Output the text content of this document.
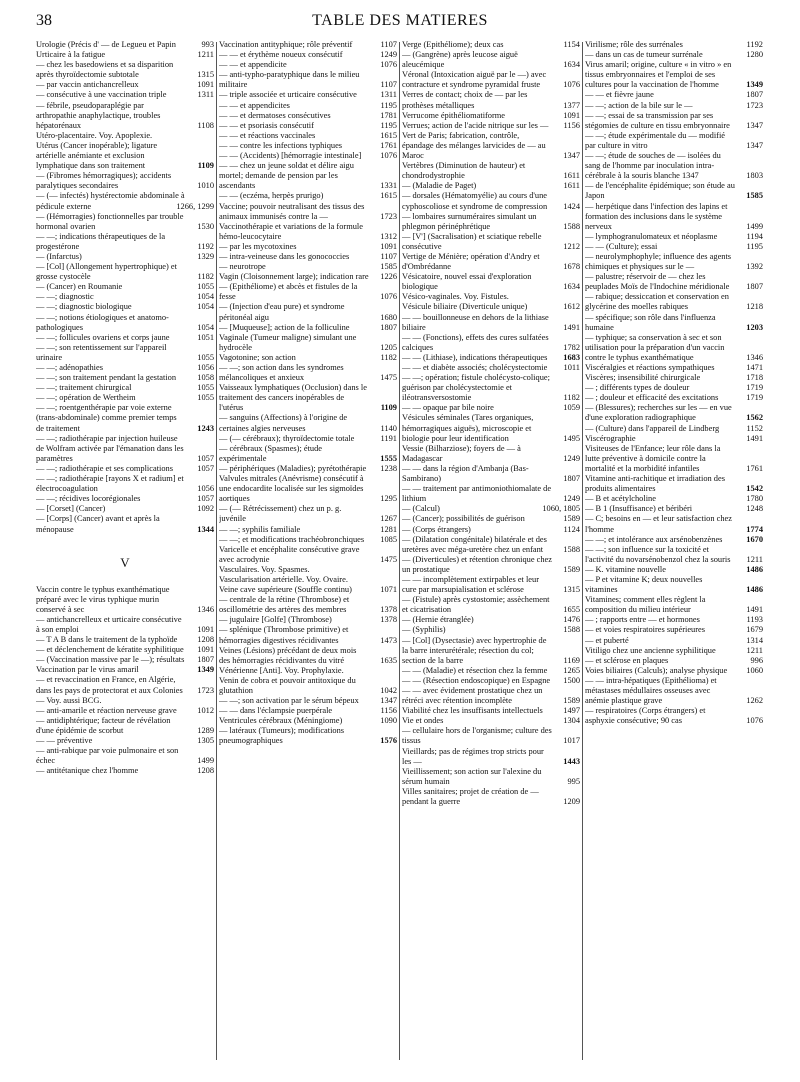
38	TABLE DES MATIERES
Urologie (Précis d' — de Legueu et Papin	993
Urticaire à la fatigue	1211
— chez les basedowiens et sa disparition après thyroïdectomie subtotale	1315
— par vaccin antichancrelleux	1091
— consécutive à une vaccination triple	1311
— fébrile, pseudoparaplégie par arthropathie anaphylactique, troubles hépatorénaux	1108
Utéro-placentaire. Voy. Apoplexie.
Utérus (Cancer inopérable); ligature artérielle anémiante et exclusion lymphatique dans son traitement	1109
— (Fibromes hémorragiques); accidents paralytiques secondaires	1010
— (— infectés) hystérectomie abdominale à pédicule externe	1266, 1299
— (Hémorragies) fonctionnelles par trouble hormonal ovarien	1530
— —; indications thérapeutiques de la progestérone	1192
— (Infarctus)	1329
— [Col] (Allongement hypertrophique) et grosse cystocèle	1182
— (Cancer) en Roumanie	1055
— —; diagnostic	1054
— —; diagnostic biologique	1054
— —; notions étiologiques et anatomo-pathologiques	1054
— —; follicules ovariens et corps jaune	1051
— —; son retentissement sur l'appareil urinaire	1055
— —; adénopathies	1056
— —; son traitement pendant la gestation	1058
— —; traitement chirurgical	1055
— —; opération de Wertheim	1055
— —; roentgenthérapie par voie externe (trans-abdominale) comme premier temps de traitement	1243
— —; radiothérapie par injection huileuse de Wolfram activée par l'émanation dans les paramètres	1057
— —; radiothérapie et ses complications	1057
— —; radiothérapie [rayons X et radium] et électrocoagulation	1056
— —; récidives locorégionales	1057
— [Corset] (Cancer)	1092
— [Corps] (Cancer) avant et après la ménopause	1344
V
Vaccin contre le typhus exanthématique préparé avec le virus typhique murin conservé à sec	1346
— antichancrelleux et urticaire consécutive à son emploi	1091
— T A B dans le traitement de la typhoïde	1208
— et déclenchement de kératite syphilitique 1091
— (Vaccination massive par le —); résultats 1807
Vaccination par le virus amaril	1349
— et revaccination en France, en Algérie, dans les pays de protectorat et aux Colonies	1723
— Voy. aussi BCG.
— anti-amarile et réaction nerveuse grave	1012
— antidiphtérique; facteur de révélation d'une épidémie de scorbut	1289
— — préventive	1305
— anti-rabique par voie pulmonaire et son échec	1499
— antitétanique chez l'homme	1208
Vaccination antityphique; rôle préventif	1107
— — et érythème noueux consécutif	1249
— — et appendicite	1076
— anti-typho-paratyphique dans le milieu militaire	1107
— triple associée et urticaire consécutive	1311
— — et appendicites	1195
— — et dermatoses consécutives	1781
— — et psoriasis consécutif	1195
— — et réactions vaccinales	1615
— — contre les infections typhiques	1761
— — (Accidents) [hémorragie intestinale]	1076
— — chez un jeune soldat et délire aigu mortel; demande de pension par les ascendants	1331
— — (eczéma, herpès prurigo)	1615
Vaccine; pouvoir neutralisant des tissus des animaux immunisés contre la —	1723
Vaccinothérapie et variations de la formule hémo-leucocytaire	1312
— par les mycotoxines	1091
— intra-veineuse dans les gonococcies	1107
— neurotrope	1585
Vagin (Cloisonnement large); indication rare 1226
— (Epithéliome) et abcès et fistules de la fesse	1076
— (Injection d'eau pure) et syndrome péritonéal aigu	1680
— [Muqueuse]; action de la folliculine	1807
Vaginale (Tumeur maligne) simulant une hydrocèle	1205
Vagotonine; son action	1182
— —; son action dans les syndromes mélancoliques et anxieux	1475
Vaisseaux lymphatiques (Occlusion) dans le traitement des cancers inopérables de l'utérus	1109
— sanguins (Affections) à l'origine de certaines algies nerveuses	1140
— (— cérébraux); thyroïdectomie totale	1191
— cérébraux (Spasmes); étude expérimentale	1555
— périphériques (Maladies); pyrétothérapie	1238
Valvules mitrales (Anévrisme) consécutif à une endocardite localisée sur les sigmoïdes aortiques	1295
— (— Rétrécissement) chez un p. g. juvénile	1267
— —; syphilis familiale	1281
— —; et modifications trachéobronchiques	1085
Varicelle et encéphalite consécutive grave avec acrodynie	1475
Vasculaires. Voy. Spasmes.
Vascularisation artérielle. Voy. Ovaire.
Veine cave supérieure (Souffle continu)	1071
— centrale de la rétine (Thrombose) et oscillométrie des artères des membres	1378
— jugulaire [Golfe] (Thrombose)	1378
— splénique (Thrombose primitive) et hémorragies digestives récidivantes	1473
Veines (Lésions) précédant de deux mois des hémorragies récidivantes du vitré	1635
Vénérienne [Anti]. Voy. Prophylaxie.
Venin de cobra et pouvoir antitoxique du glutathion	1042
— —; son activation par le sérum bépeux	1347
— — dans l'éclampsie puerpérale	1156
Ventricules cérébraux (Méningiome)	1090
— latéraux (Tumeurs); modifications pneumographiques	1576
Verge (Epithéliome); deux cas	1154
— (Gangrène) après leucose aiguë aleucémique	1634
Véronal (Intoxication aiguë par le —) avec contracture et syndrome pyramidal fruste	1076
Verres de contact; choix de — par les prothèses métalliques	1377
Verrucome épithéliomatiforme	1091
Verrues; action de l'acide nitrique sur les —	1156
Vert de Paris; fabrication, contrôle, épandage des mélanges larvicides de — au Maroc	1347
Vertèbres (Diminution de hauteur) et chondrodystrophie	1611
— (Maladie de Paget)	1611
— dorsales (Hématomyélie) au cours d'une cyphoscoliose et syndrome de compression	1424
— lombaires surnuméraires simulant un phlegmon périnéphrétique	1588
— [V'] (Sacralisation) et sciatique rebelle consécutive	1212
Vertige de Ménière; opération d'Andry et d'Ombrédanne	1678
Vésicatoire, nouvel essai d'exploration biologique	1634
Vésico-vaginales. Voy. Fistules.
Vésicule biliaire (Diverticule unique)	1612
— — bouillonneuse en dehors de la lithiase biliaire	1491
— — (Fonctions), effets des cures sulfatées calciques	1782
— — (Lithiase), indications thérapeutiques	1683
— — et diabète associés; cholécystectomie	1011
— —; opération; fistule cholécysto-colique; guérison par cholécystectomie et iléotransversostomie	1182
— — opaque par bile noire	1059
Vésicules séminales (Tares organiques, hémorragiques aiguës), microscopie et biologie pour leur identification	1495
Vessie (Bilharziose); foyers de — à Madagascar	1249
— — dans la région d'Ambanja (Bas-Sambirano)	1807
— — traitement par antimoniothiomalate de lithium	1249
— (Calcul)	1060, 1805
— (Cancer); possibilités de guérison	1589
— (Corps étrangers)	1124
— (Dilatation congénitale) bilatérale et des uretères avec méga-uretère chez un enfant	1588
— (Diverticules) et rétention chronique chez un prostatique	1589
— — incomplètement extirpables et leur cure par marsupialisation et sclérose	1315
— (Fistule) après cystostomie; assèchement et cicatrisation	1655
— (Hernie étranglée)	1476
— (Syphilis)	1588
— [Col] (Dysectasie) avec hypertrophie de la barre interurétérale; résection du col; section de la barre	1169
— — (Maladie) et résection chez la femme	1265
— — (Résection endoscopique) en Espagne 1500
— — avec évidement prostatique chez un rétréci avec rétention incomplète	1589
Viabilité chez les insuffisants intellectuels	1497
Vie et ondes	1304
— cellulaire hors de l'organisme; culture des tissus	1017
Vieillards; pas de régimes trop stricts pour les —	1443
Vieillissement; son action sur l'alexine du sérum humain	995
Villes sanitaires; projet de création de — pendant la guerre	1209
Virilisme; rôle des surrénales	1192
— dans un cas de tumeur surrénale	1280
Virus amaril; origine, culture « in vitro » en tissus embryonnaires et l'emploi de ses cultures pour la vaccination de l'homme	1349
— — et fièvre jaune	1807
— —; action de la bile sur le —	1723
— —; essai de sa transmission par ses stégomies de culture en tissu embryonnaire	1347
— —; étude expérimentale du — modifié par culture in vitro	1347
— —; étude de souches de — isolées du sang de l'homme par inoculation intra-cérébrale à la souris blanche 1347	1803
— de l'encéphalite épidémique; son étude au Japon	1585
— herpétique dans l'infection des lapins et formation des inclusions dans le système nerveux	1499
— lymphogranulomateux et néoplasme	1194
— — (Culture); essai	1195
— neurolymphophyle; influence des agents chimiques et physiques sur le —	1392
— palustre; réservoir de — chez les peuplades Moïs de l'Indochine méridionale	1807
— rabique; dessiccation et conservation en glycérine des moelles rabiques	1218
— spécifique; son rôle dans l'influenza humaine	1203
— typhique; sa conservation à sec et son utilisation pour la préparation d'un vaccin contre le typhus exanthématique	1346
Viscéralgies et réactions sympathiques	1471
Viscères; insensibilité chirurgicale	1718
— ; différents types de douleur	1719
— ; douleur et efficacité des excitations	1719
— (Blessures); recherches sur les — en vue d'une exploration radiographique	1562
— (Culture) dans l'appareil de Lindberg	1152
Viscérographie	1491
Visiteuses de l'Enfance; leur rôle dans la lutte préventive à domicile contre la mortalité et la morbidité infantiles	1761
Vitamine anti-rachitique et irradiation des produits alimentaires	1542
— B et acétylcholine	1780
— B 1 (Insuffisance) et béribéri	1248
— C; besoins en — et leur satisfaction chez l'homme	1774
— —; et intolérance aux arsénobenzènes	1670
— —; son influence sur la toxicité et l'activité du novarsénobenzol chez la souris	1211
— K. vitamine nouvelle	1486
— P et vitamine K; deux nouvelles vitamines	1486
Vitamines; comment elles règlent la composition du milieu intérieur	1491
— ; rapports entre — et hormones	1193
— et voies respiratoires supérieures	1679
— et puberté	1314
Vitiligo chez une ancienne syphilitique	1211
— et sclérose en plaques	996
Voies biliaires (Calculs); analyse physique	1060
— — intra-hépatiques (Epithélioma) et métastases médullaires osseuses avec anémie plastique grave	1262
— respiratoires (Corps étrangers) et asphyxie consécutive; 90 cas	1076
